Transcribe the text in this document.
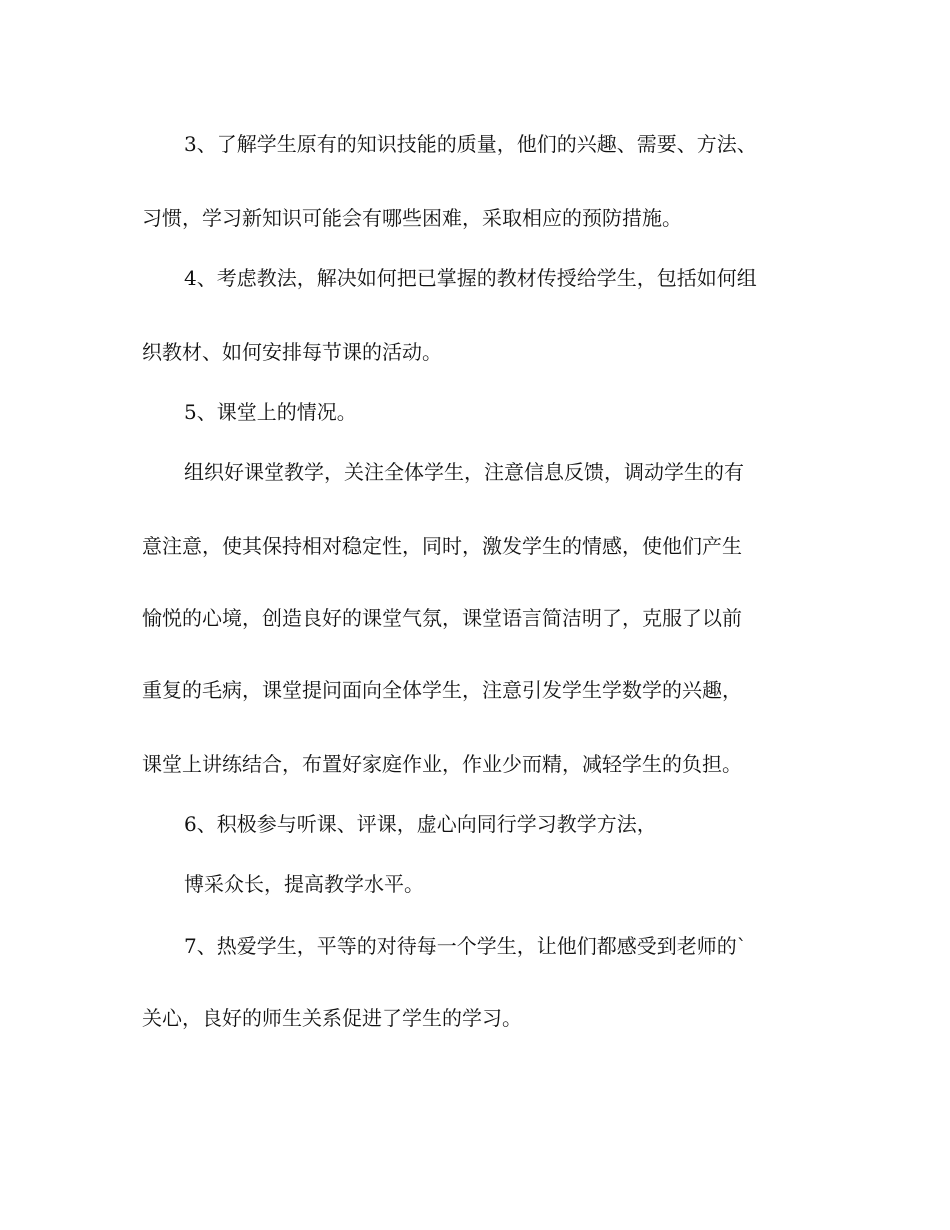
3、了解学生原有的知识技能的质量，他们的兴趣、需要、方法、
习惯，学习新知识可能会有哪些困难，采取相应的预防措施。
4、考虑教法，解决如何把已掌握的教材传授给学生，包括如何组
织教材、如何安排每节课的活动。
5、课堂上的情况。
组织好课堂教学，关注全体学生，注意信息反馈，调动学生的有
意注意，使其保持相对稳定性，同时，激发学生的情感，使他们产生
愉悦的心境，创造良好的课堂气氛，课堂语言简洁明了，克服了以前
重复的毛病，课堂提问面向全体学生，注意引发学生学数学的兴趣，
课堂上讲练结合，布置好家庭作业，作业少而精，减轻学生的负担。
6、积极参与听课、评课，虚心向同行学习教学方法，
博采众长，提高教学水平。
7、热爱学生，平等的对待每一个学生，让他们都感受到老师的`
关心，良好的师生关系促进了学生的学习。
